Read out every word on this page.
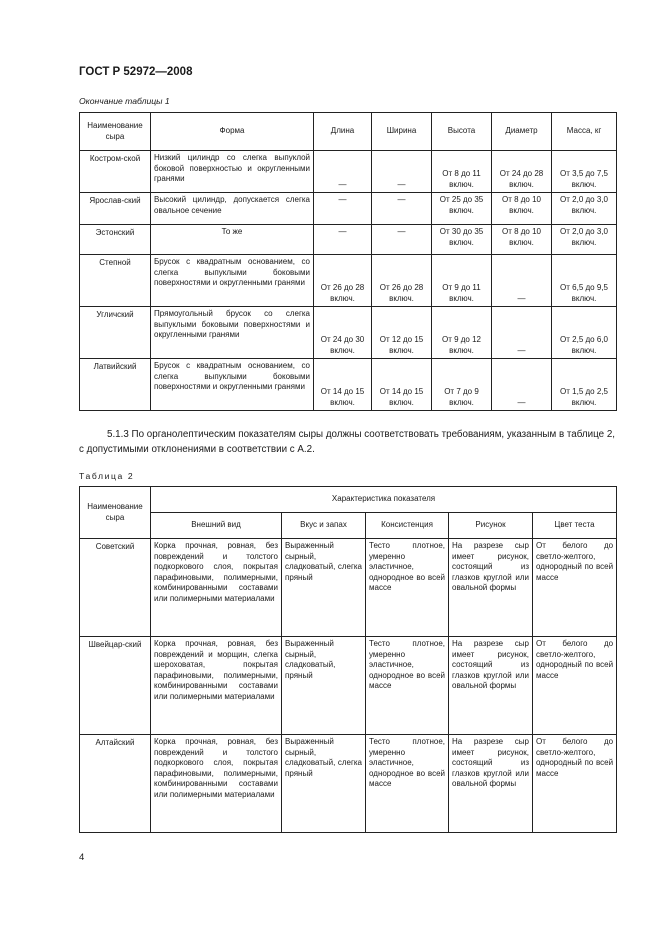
ГОСТ Р 52972—2008
Окончание таблицы 1
Наименование сыра	Форма	Длина	Ширина	Высота	Диаметр	Масса, кг
Костром-ской	Низкий цилиндр со слегка выпуклой боковой поверхностью и округленными гранями	—	—	От 8 до 11 включ.	От 24 до 28 включ.	От 3,5 до 7,5 включ.
Ярослав-ский	Высокий цилиндр, допускается слегка овальное сечение	—	—	От 25 до 35 включ.	От 8 до 10 включ.	От 2,0 до 3,0 включ.
Эстонский	То же	—	—	От 30 до 35 включ.	От 8 до 10 включ.	От 2,0 до 3,0 включ.
Степной	Брусок с квадратным основанием, со слегка выпуклыми боковыми поверхностями и округленными гранями	От 26 до 28 включ.	От 26 до 28 включ.	От 9 до 11 включ.	—	От 6,5 до 9,5 включ.
Угличский	Прямоугольный брусок со слегка выпуклыми боковыми поверхностями и округленными гранями	От 24 до 30 включ.	От 12 до 15 включ.	От 9 до 12 включ.	—	От 2,5 до 6,0 включ.
Латвийский	Брусок с квадратным основанием, со слегка выпуклыми боковыми поверхностями и округленными гранями	От 14 до 15 включ.	От 14 до 15 включ.	От 7 до 9 включ.	—	От 1,5 до 2,5 включ.
5.1.3 По органолептическим показателям сыры должны соответствовать требованиям, указанным в таблице 2, с допустимыми отклонениями в соответствии с А.2.
Таблица 2
Наименование сыра	Характеристика показателя				
	Внешний вид	Вкус и запах	Консистенция	Рисунок	Цвет теста
Советский	Корка прочная, ровная, без повреждений и толстого подкоркового слоя, покрытая парафиновыми, полимерными, комбинированными составами или полимерными материалами	Выраженный сырный, сладковатый, слегка пряный	Тесто плотное, умеренно эластичное, однородное во всей массе	На разрезе сыр имеет рисунок, состоящий из глазков круглой или овальной формы	От белого до светло-желтого, однородный по всей массе
Швейцар-ский	Корка прочная, ровная, без повреждений и морщин, слегка шероховатая, покрытая парафиновыми, полимерными, комбинированными составами или полимерными материалами	Выраженный сырный, сладковатый, пряный	Тесто плотное, умеренно эластичное, однородное во всей массе	На разрезе сыр имеет рисунок, состоящий из глазков круглой или овальной формы	От белого до светло-желтого, однородный по всей массе
Алтайский	Корка прочная, ровная, без повреждений и толстого подкоркового слоя, покрытая парафиновыми, полимерными, комбинированными составами или полимерными материалами	Выраженный сырный, сладковатый, слегка пряный	Тесто плотное, умеренно эластичное, однородное во всей массе	На разрезе сыр имеет рисунок, состоящий из глазков круглой или овальной формы	От белого до светло-желтого, однородный по всей массе
4
